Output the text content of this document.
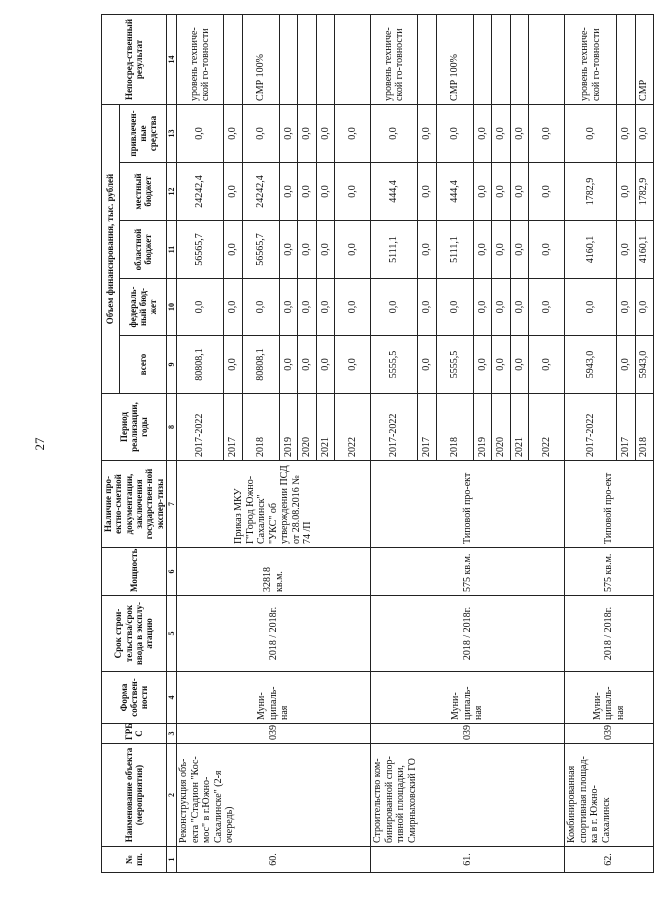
27
№ пп.	Наименование объекта (мероприятия)	ГРБ С	Форма собствен-ности	Срок строи-тельства/срок ввода в эксплу-атацию	Мощность	Наличие про-ектно-сметной документации, заключения государствен-ной экспер-тизы	Период реализации, годы	Объем финансирования, тыс. рублей					Непосред-ственный результат
								всего	федераль-ный бюд-жет	областной бюджет	местный бюджет	привлечен-ные средства	
1	2	3	4	5	6	7	8	9	10	11	12	13	14
60.	Реконструкция объ-екта "Стадион "Кос-мос" в г.Южно-Сахалинске" (2-я очередь)	039	Муни-ципаль-ная	2018 / 2018г.	32818 кв.м.	Приказ МКУ Г"Город Южно-Сахалинск" "УКС" об утверждении ПСД от 28.08.2016 № 74 /П	2017-2022	80808,1	0,0	56565,7	24242,4	0,0	уровень техниче-ской го-товности
							2017	0,0	0,0	0,0	0,0	0,0	
							2018	80808,1	0,0	56565,7	24242,4	0,0	СМР 100%
							2019	0,0	0,0	0,0	0,0	0,0	
							2020	0,0	0,0	0,0	0,0	0,0	
							2021	0,0	0,0	0,0	0,0	0,0	
							2022	0,0	0,0	0,0	0,0	0,0	
61.	Строительство ком-бинированной спор-тивной площадки, Смирныховский ГО	039	Муни-ципаль-ная	2018 / 2018г.	575 кв.м.	Типовой про-ект	2017-2022	5555,5	0,0	5111,1	444,4	0,0	уровень техниче-ской го-товности
							2017	0,0	0,0	0,0	0,0	0,0	
							2018	5555,5	0,0	5111,1	444,4	0,0	СМР 100%
							2019	0,0	0,0	0,0	0,0	0,0	
							2020	0,0	0,0	0,0	0,0	0,0	
							2021	0,0	0,0	0,0	0,0	0,0	
							2022	0,0	0,0	0,0	0,0	0,0	
62.	Комбинированная спортивная площад-ка в г. Южно-Сахалинск	039	Муни-ципаль-ная	2018 / 2018г.	575 кв.м.	Типовой про-ект	2017-2022	5943,0	0,0	4160,1	1782,9	0,0	уровень техниче-ской го-товности
							2017	0,0	0,0	0,0	0,0	0,0	
							2018	5943,0	0,0	4160,1	1782,9	0,0	СМР
